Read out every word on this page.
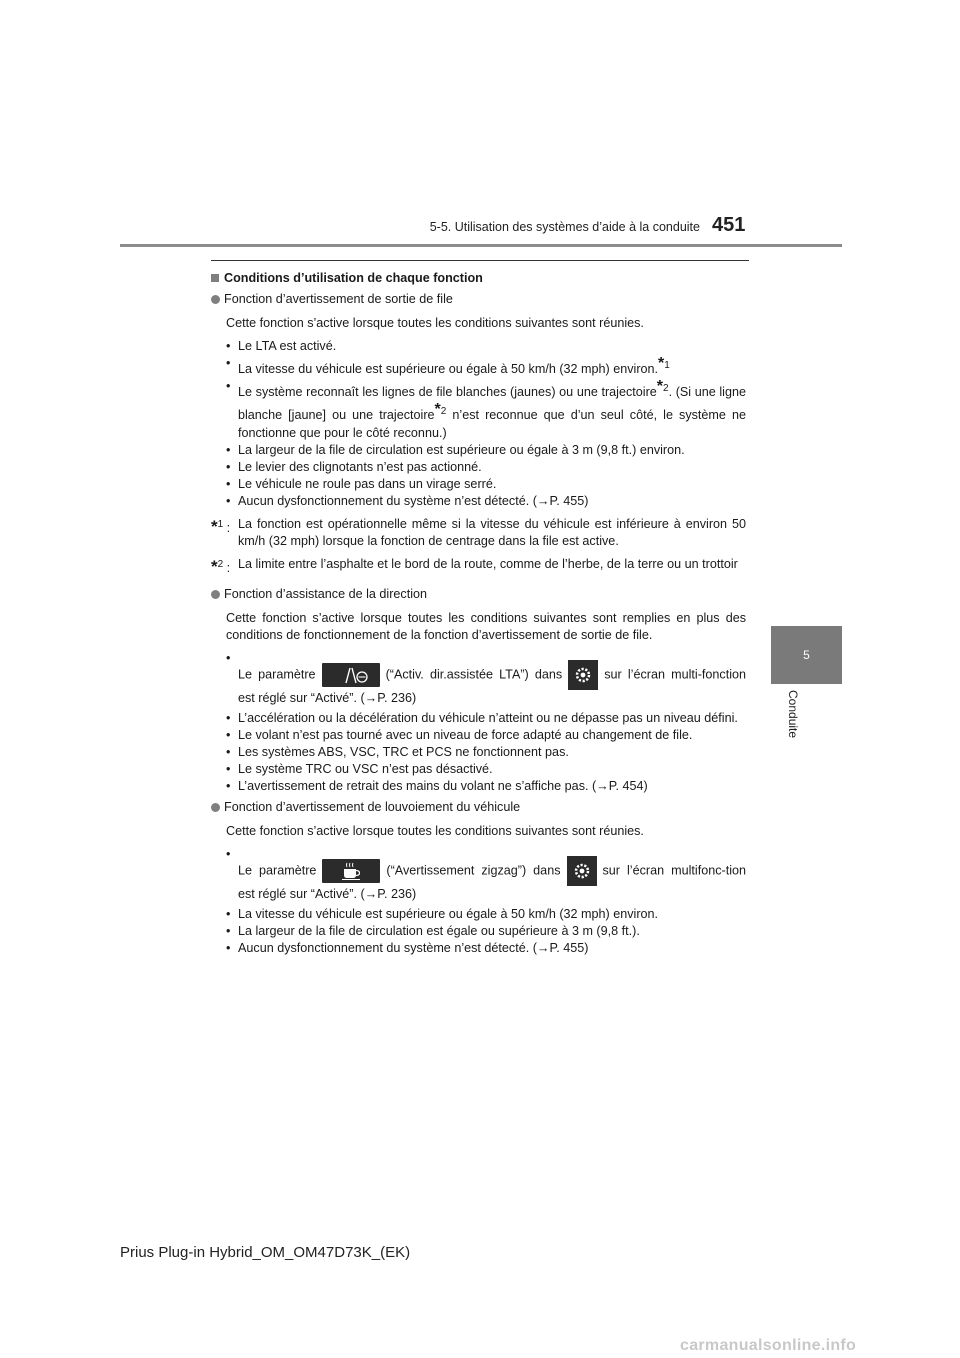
5-5. Utilisation des systèmes d’aide à la conduite 451
5
Conduite

Conditions d’utilisation de chaque fonction

Fonction d’avertissement de sortie de file

Cette fonction s’active lorsque toutes les conditions suivantes sont réunies.

• Le LTA est activé.
• La vitesse du véhicule est supérieure ou égale à 50 km/h (32 mph) environ.$^{*1}$
• Le système reconnaît les lignes de file blanches (jaunes) ou une trajectoire$^{*2}$. (Si une ligne blanche [jaune] ou une trajectoire$^{*2}$ n’est reconnue que d’un seul côté, le système ne fonctionne que pour le côté reconnu.)
• La largeur de la file de circulation est supérieure ou égale à 3 m (9,8 ft.) environ.
• Le levier des clignotants n’est pas actionné.
• Le véhicule ne roule pas dans un virage serré.
• Aucun dysfonctionnement du système n’est détecté. (→P. 455)
*$^1$ : La fonction est opérationnelle même si la vitesse du véhicule est inférieure à environ 50 km/h (32 mph) lorsque la fonction de centrage dans la file est active.
*$^2$ : La limite entre l’asphalte et le bord de la route, comme de l’herbe, de la terre ou un trottoir

Fonction d’assistance de la direction

Cette fonction s’active lorsque toutes les conditions suivantes sont remplies en plus des conditions de fonctionnement de la fonction d’avertissement de sortie de file.

• Le paramètre	(“Activ. dir.assistée LTA”) dans	sur l’écran multi-fonction est réglé sur “Activé”. (→P. 236)
• L’accélération ou la décélération du véhicule n’atteint ou ne dépasse pas un niveau défini.
• Le volant n’est pas tourné avec un niveau de force adapté au changement de file.
• Les systèmes ABS, VSC, TRC et PCS ne fonctionnent pas.
• Le système TRC ou VSC n’est pas désactivé.
• L’avertissement de retrait des mains du volant ne s’affiche pas. (→P. 454)

Fonction d’avertissement de louvoiement du véhicule

Cette fonction s’active lorsque toutes les conditions suivantes sont réunies.

• Le paramètre	(“Avertissement zigzag”) dans	sur l’écran multifonc-tion est réglé sur “Activé”. (→P. 236)
• La vitesse du véhicule est supérieure ou égale à 50 km/h (32 mph) environ.
• La largeur de la file de circulation est égale ou supérieure à 3 m (9,8 ft.).
• Aucun dysfonctionnement du système n’est détecté. (→P. 455)
Prius Plug-in Hybrid_OM_OM47D73K_(EK)
carmanualsonline.info
